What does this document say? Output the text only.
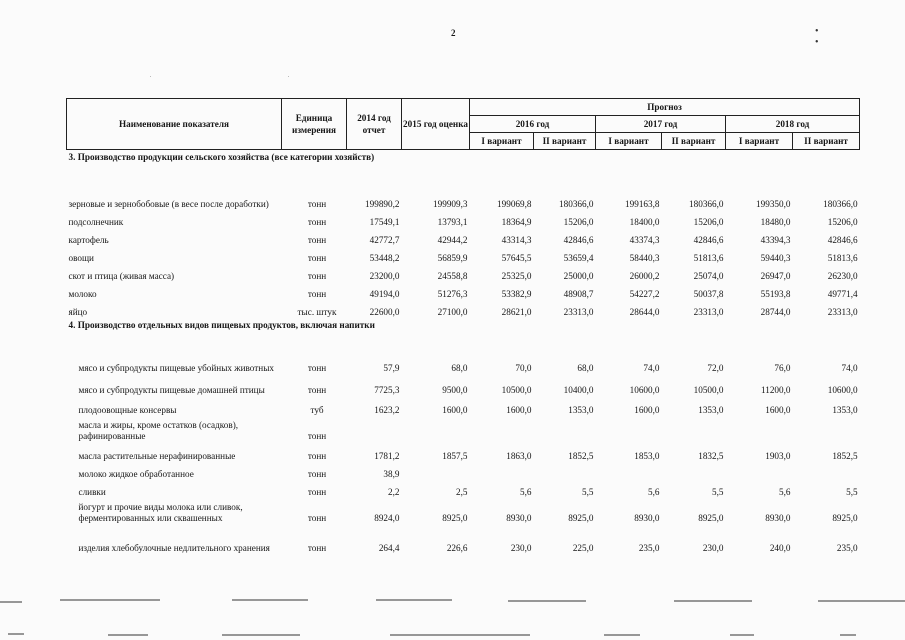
2	• •
Наименование показателя	Единица измерения	2014 год отчет	2015 год оценка	Прогноз					
				2016 год		2017 год		2018 год	
				I вариант	II вариант	I вариант	II вариант	I вариант	II вариант
3. Производство продукции сельского хозяйства (все категории хозяйств)									
зерновые и зернобобовые (в весе после доработки)	тонн	199890,2	199909,3	199069,8	180366,0	199163,8	180366,0	199350,0	180366,0
подсолнечник	тонн	17549,1	13793,1	18364,9	15206,0	18400,0	15206,0	18480,0	15206,0
картофель	тонн	42772,7	42944,2	43314,3	42846,6	43374,3	42846,6	43394,3	42846,6
овощи	тонн	53448,2	56859,9	57645,5	53659,4	58440,3	51813,6	59440,3	51813,6
скот и птица (живая масса)	тонн	23200,0	24558,8	25325,0	25000,0	26000,2	25074,0	26947,0	26230,0
молоко	тонн	49194,0	51276,3	53382,9	48908,7	54227,2	50037,8	55193,8	49771,4
яйцо	тыс. штук	22600,0	27100,0	28621,0	23313,0	28644,0	23313,0	28744,0	23313,0
4. Производство отдельных видов пищевых продуктов, включая напитки									
мясо и субпродукты пищевые убойных животных	тонн	57,9	68,0	70,0	68,0	74,0	72,0	76,0	74,0
мясо и субпродукты пищевые домашней птицы	тонн	7725,3	9500,0	10500,0	10400,0	10600,0	10500,0	11200,0	10600,0
плодоовощные консервы	туб	1623,2	1600,0	1600,0	1353,0	1600,0	1353,0	1600,0	1353,0
масла и жиры, кроме остатков (осадков), рафинированные	тонн								
масла растительные нерафинированные	тонн	1781,2	1857,5	1863,0	1852,5	1853,0	1832,5	1903,0	1852,5
молоко жидкое обработанное	тонн	38,9							
сливки	тонн	2,2	2,5	5,6	5,5	5,6	5,5	5,6	5,5
йогурт и прочие виды молока или сливок, ферментированных или сквашенных	тонн	8924,0	8925,0	8930,0	8925,0	8930,0	8925,0	8930,0	8925,0
изделия хлебобулочные недлительного хранения	тонн	264,4	226,6	230,0	225,0	235,0	230,0	240,0	235,0
